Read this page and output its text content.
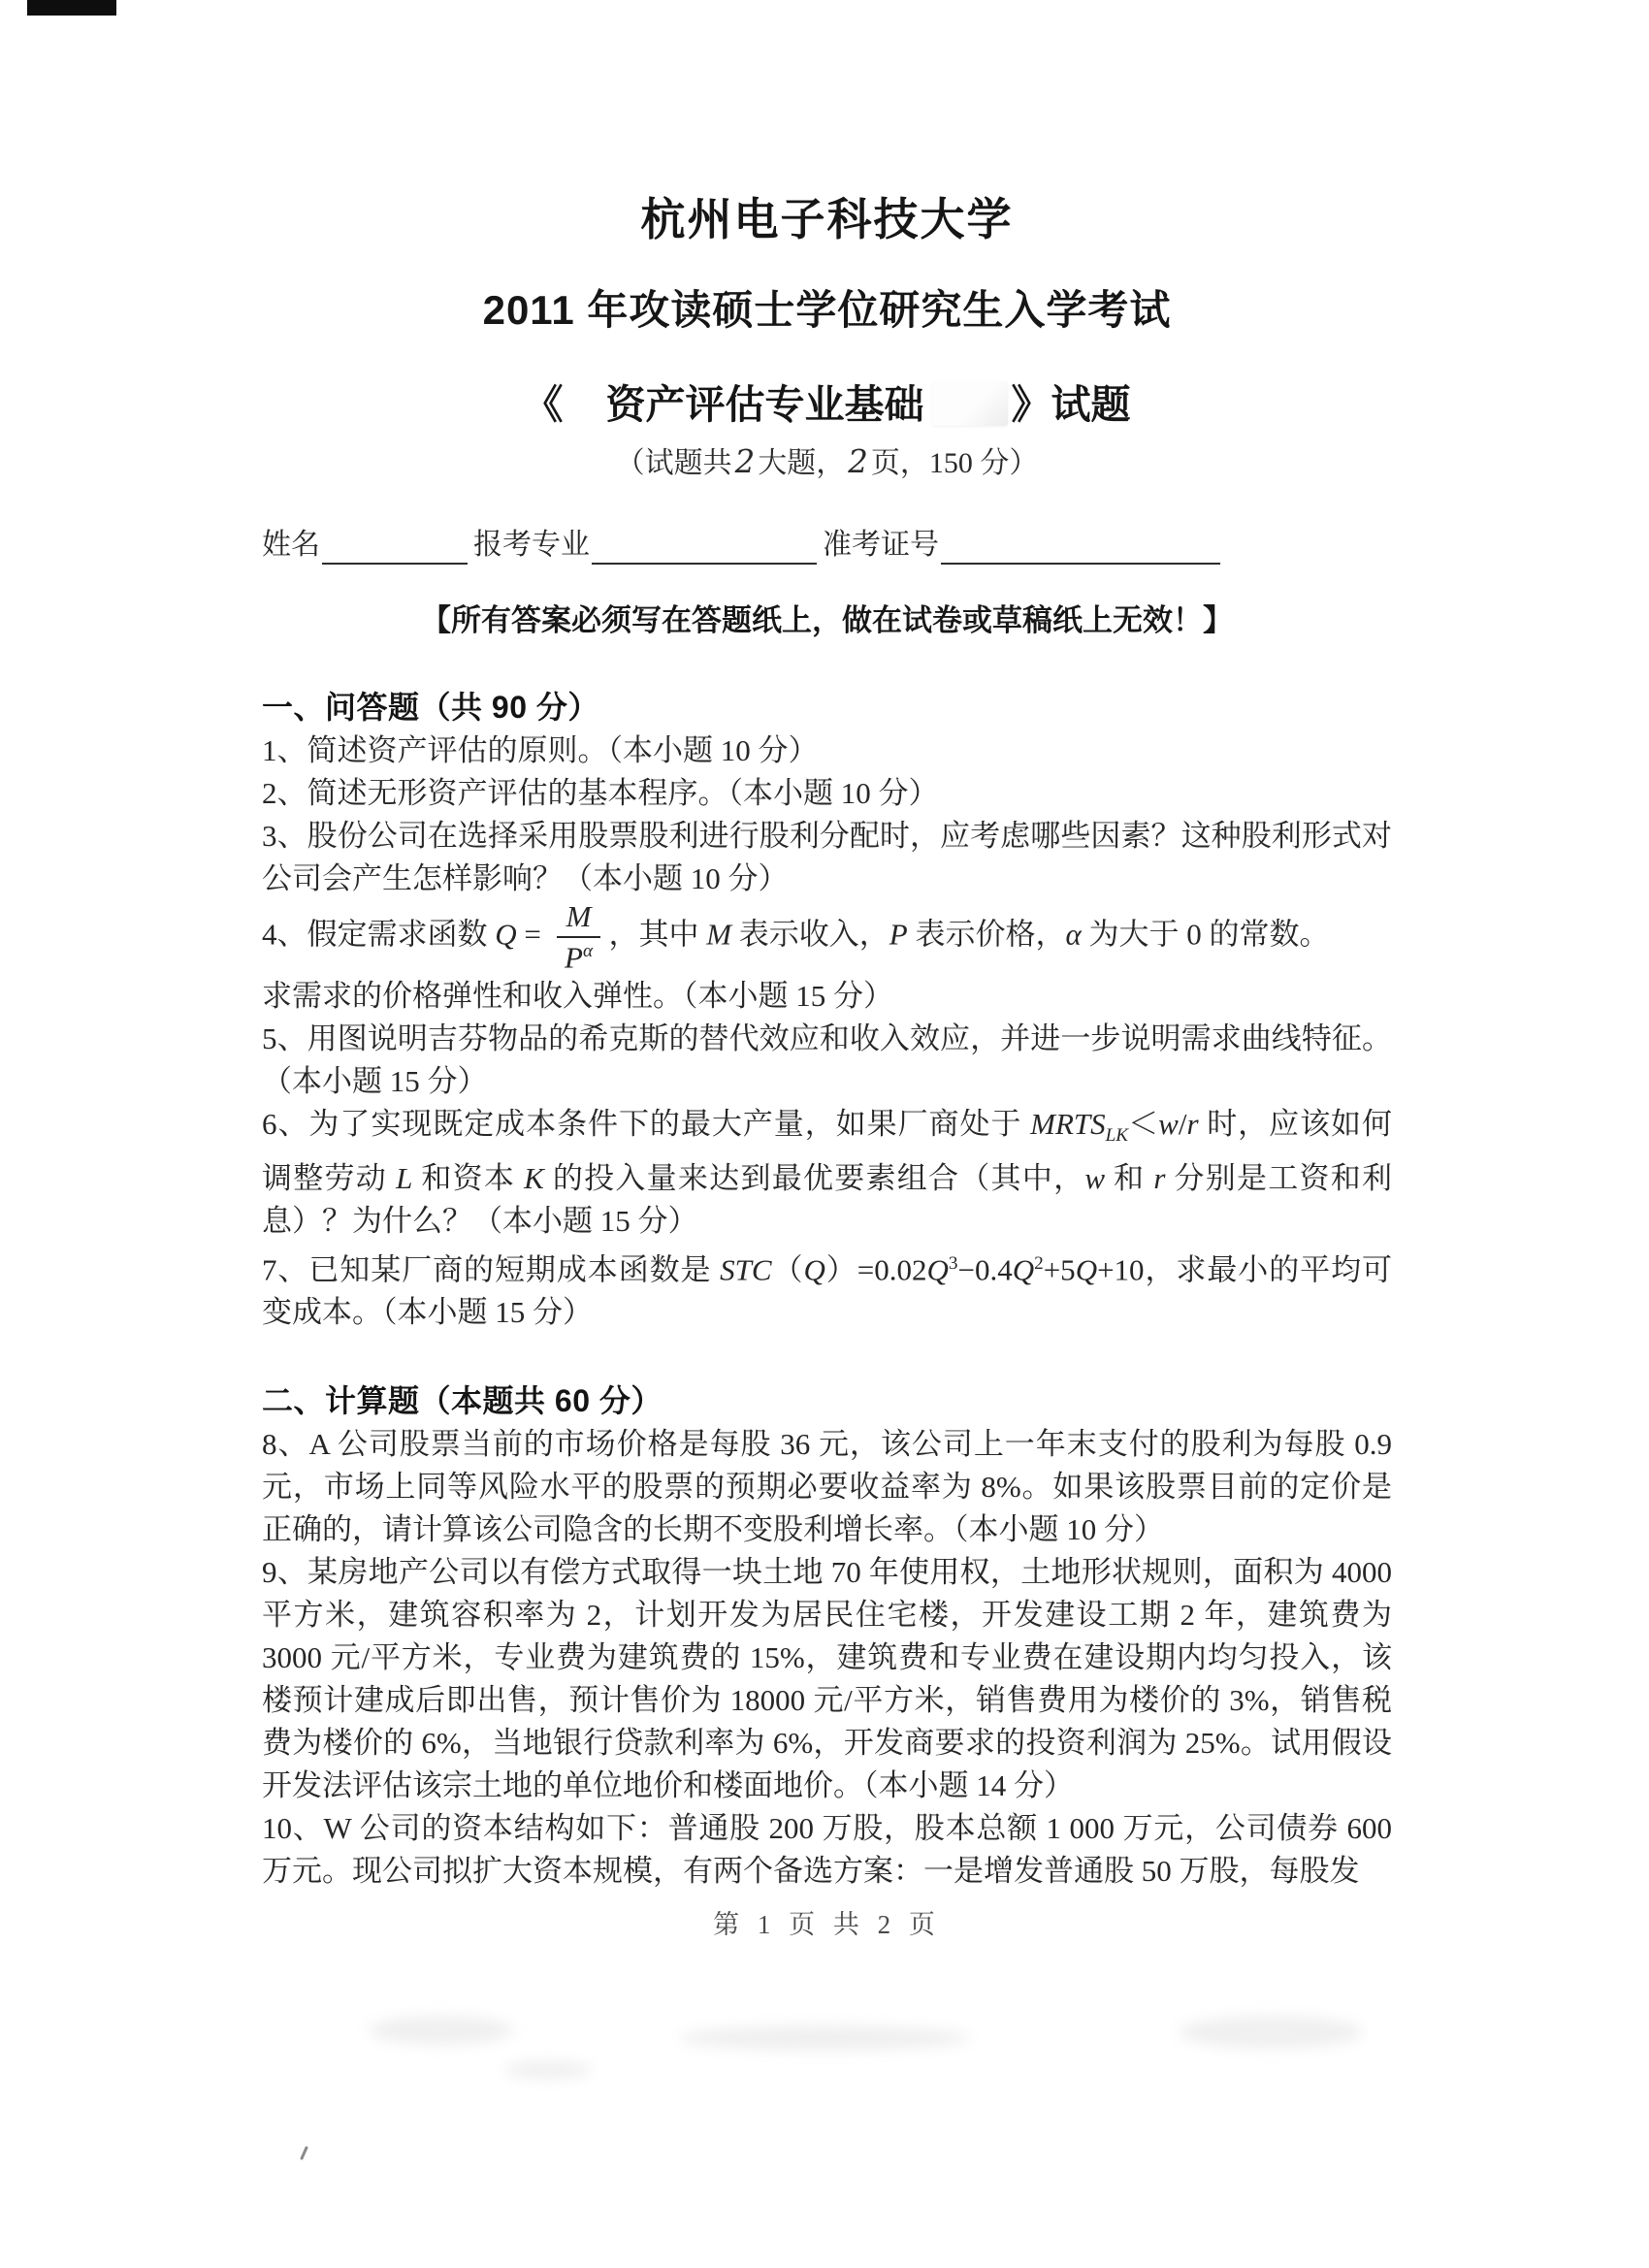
杭州电子科技大学
2011 年攻读硕士学位研究生入学考试
《 资产评估专业基础 》试题
（试题共2 大题，2 页，150 分）
姓名	报考专业	准考证号
【所有答案必须写在答题纸上，做在试卷或草稿纸上无效！】
一、问答题（共 90 分）

1、简述资产评估的原则。（本小题 10 分）

2、简述无形资产评估的基本程序。（本小题 10 分）

3、股份公司在选择采用股票股利进行股利分配时，应考虑哪些因素？这种股利形式对公司会产生怎样影响？（本小题 10 分）

4、假定需求函数 $Q = \frac{M}{P^\alpha}$ ，其中 M 表示收入，P 表示价格，α 为大于 0 的常数。

求需求的价格弹性和收入弹性。（本小题 15 分）

5、用图说明吉芬物品的希克斯的替代效应和收入效应，并进一步说明需求曲线特征。（本小题 15 分）

6、为了实现既定成本条件下的最大产量，如果厂商处于 $MRTS_{LK}<w/r$ 时，应该如何调整劳动 L 和资本 K 的投入量来达到最优要素组合（其中，w 和 r 分别是工资和利息）？为什么？（本小题 15 分）

7、已知某厂商的短期成本函数是 $STC(Q)=0.02Q^3-0.4Q^2+5Q+10$，求最小的平均可变成本。（本小题 15 分）

二、计算题（本题共 60 分）

8、A 公司股票当前的市场价格是每股 36 元，该公司上一年末支付的股利为每股 0.9 元，市场上同等风险水平的股票的预期必要收益率为 8%。如果该股票目前的定价是正确的，请计算该公司隐含的长期不变股利增长率。（本小题 10 分）

9、某房地产公司以有偿方式取得一块土地 70 年使用权，土地形状规则，面积为 4000 平方米，建筑容积率为 2，计划开发为居民住宅楼，开发建设工期 2 年，建筑费为 3000 元/平方米，专业费为建筑费的 15%，建筑费和专业费在建设期内均匀投入，该楼预计建成后即出售，预计售价为 18000 元/平方米，销售费用为楼价的 3%，销售税费为楼价的 6%，当地银行贷款利率为 6%，开发商要求的投资利润为 25%。试用假设开发法评估该宗土地的单位地价和楼面地价。（本小题 14 分）

10、W 公司的资本结构如下：普通股 200 万股，股本总额 1 000 万元，公司债券 600 万元。现公司拟扩大资本规模，有两个备选方案：一是增发普通股 50 万股，每股发

第 1 页 共 2 页
